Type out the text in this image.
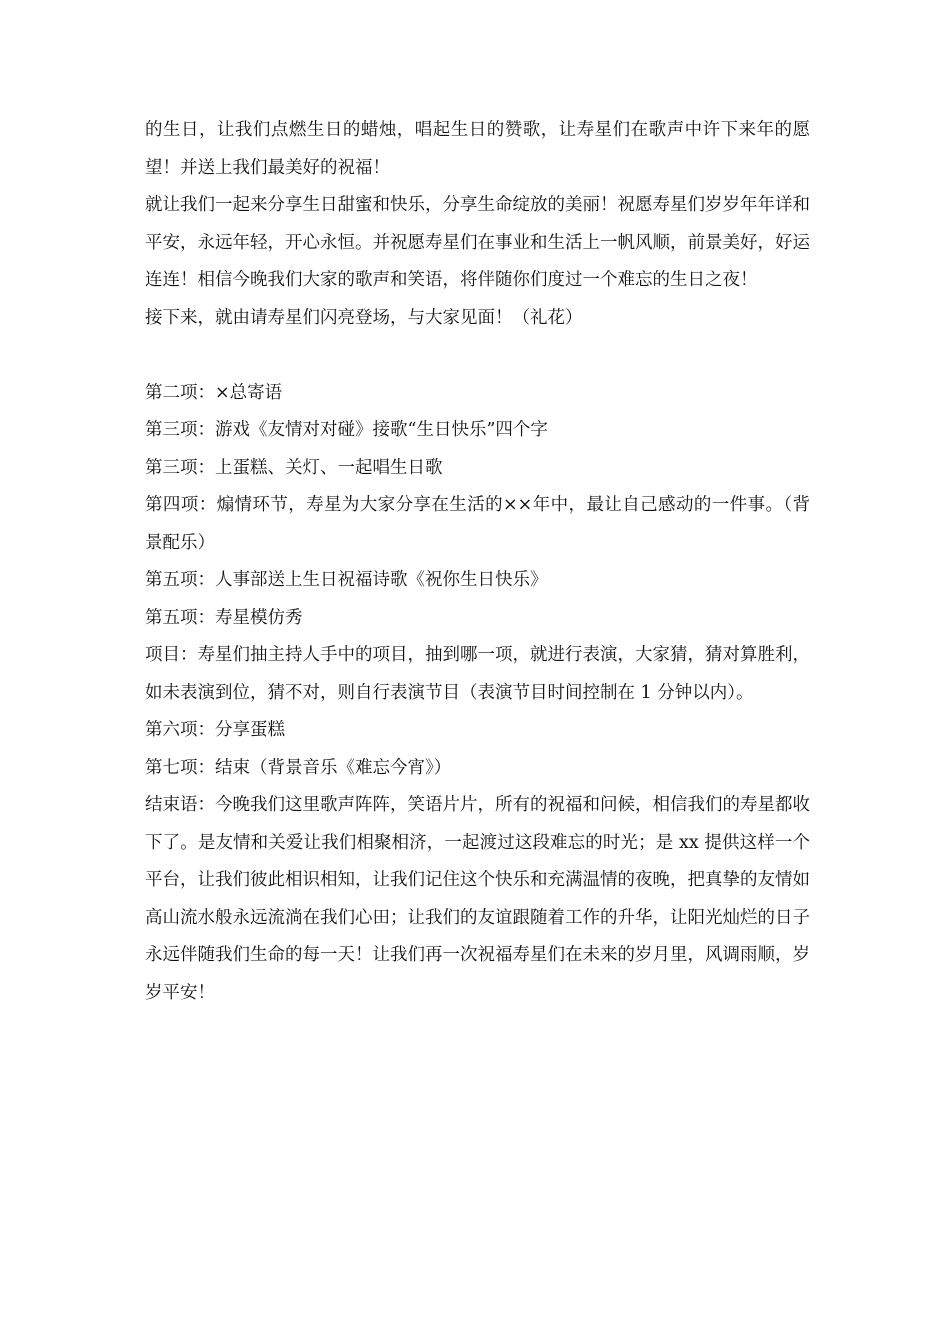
的生日，让我们点燃生日的蜡烛，唱起生日的赞歌，让寿星们在歌声中许下来年的愿望！并送上我们最美好的祝福！

就让我们一起来分享生日甜蜜和快乐，分享生命绽放的美丽！祝愿寿星们岁岁年年详和平安，永远年轻，开心永恒。并祝愿寿星们在事业和生活上一帆风顺，前景美好，好运连连！相信今晚我们大家的歌声和笑语，将伴随你们度过一个难忘的生日之夜！

接下来，就由请寿星们闪亮登场，与大家见面！（礼花）

第二项：×总寄语

第三项：游戏《友情对对碰》接歌“生日快乐”四个字

第三项：上蛋糕、关灯、一起唱生日歌

第四项：煽情环节，寿星为大家分享在生活的××年中，最让自己感动的一件事。（背景配乐）

第五项：人事部送上生日祝福诗歌《祝你生日快乐》

第五项：寿星模仿秀

项目：寿星们抽主持人手中的项目，抽到哪一项，就进行表演，大家猜，猜对算胜利，如未表演到位，猜不对，则自行表演节目（表演节目时间控制在 1 分钟以内）。

第六项：分享蛋糕

第七项：结束（背景音乐《难忘今宵》）

结束语：今晚我们这里歌声阵阵，笑语片片，所有的祝福和问候，相信我们的寿星都收下了。是友情和关爱让我们相聚相济，一起渡过这段难忘的时光；是 xx 提供这样一个平台，让我们彼此相识相知，让我们记住这个快乐和充满温情的夜晚，把真挚的友情如高山流水般永远流淌在我们心田；让我们的友谊跟随着工作的升华，让阳光灿烂的日子永远伴随我们生命的每一天！让我们再一次祝福寿星们在未来的岁月里，风调雨顺，岁岁平安！
